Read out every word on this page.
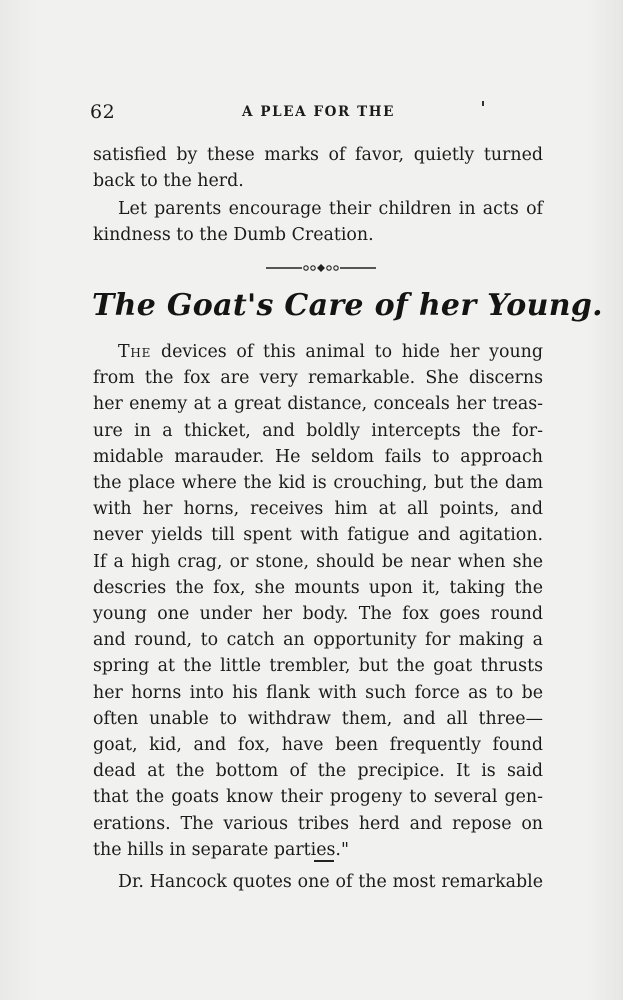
62	A PLEA FOR THE
satisfied by these marks of favor, quietly turned
back to the herd.
Let parents encourage their children in acts of
kindness to the Dumb Creation.
The Goat's Care of her Young.
The devices of this animal to hide her young
from the fox are very remarkable. She discerns
her enemy at a great distance, conceals her treas-
ure in a thicket, and boldly intercepts the for-
midable marauder. He seldom fails to approach
the place where the kid is crouching, but the dam
with her horns, receives him at all points, and
never yields till spent with fatigue and agitation.
If a high crag, or stone, should be near when she
descries the fox, she mounts upon it, taking the
young one under her body. The fox goes round
and round, to catch an opportunity for making a
spring at the little trembler, but the goat thrusts
her horns into his flank with such force as to be
often unable to withdraw them, and all three—
goat, kid, and fox, have been frequently found
dead at the bottom of the precipice. It is said
that the goats know their progeny to several gen-
erations. The various tribes herd and repose on
the hills in separate parties."
Dr. Hancock quotes one of the most remarkable
